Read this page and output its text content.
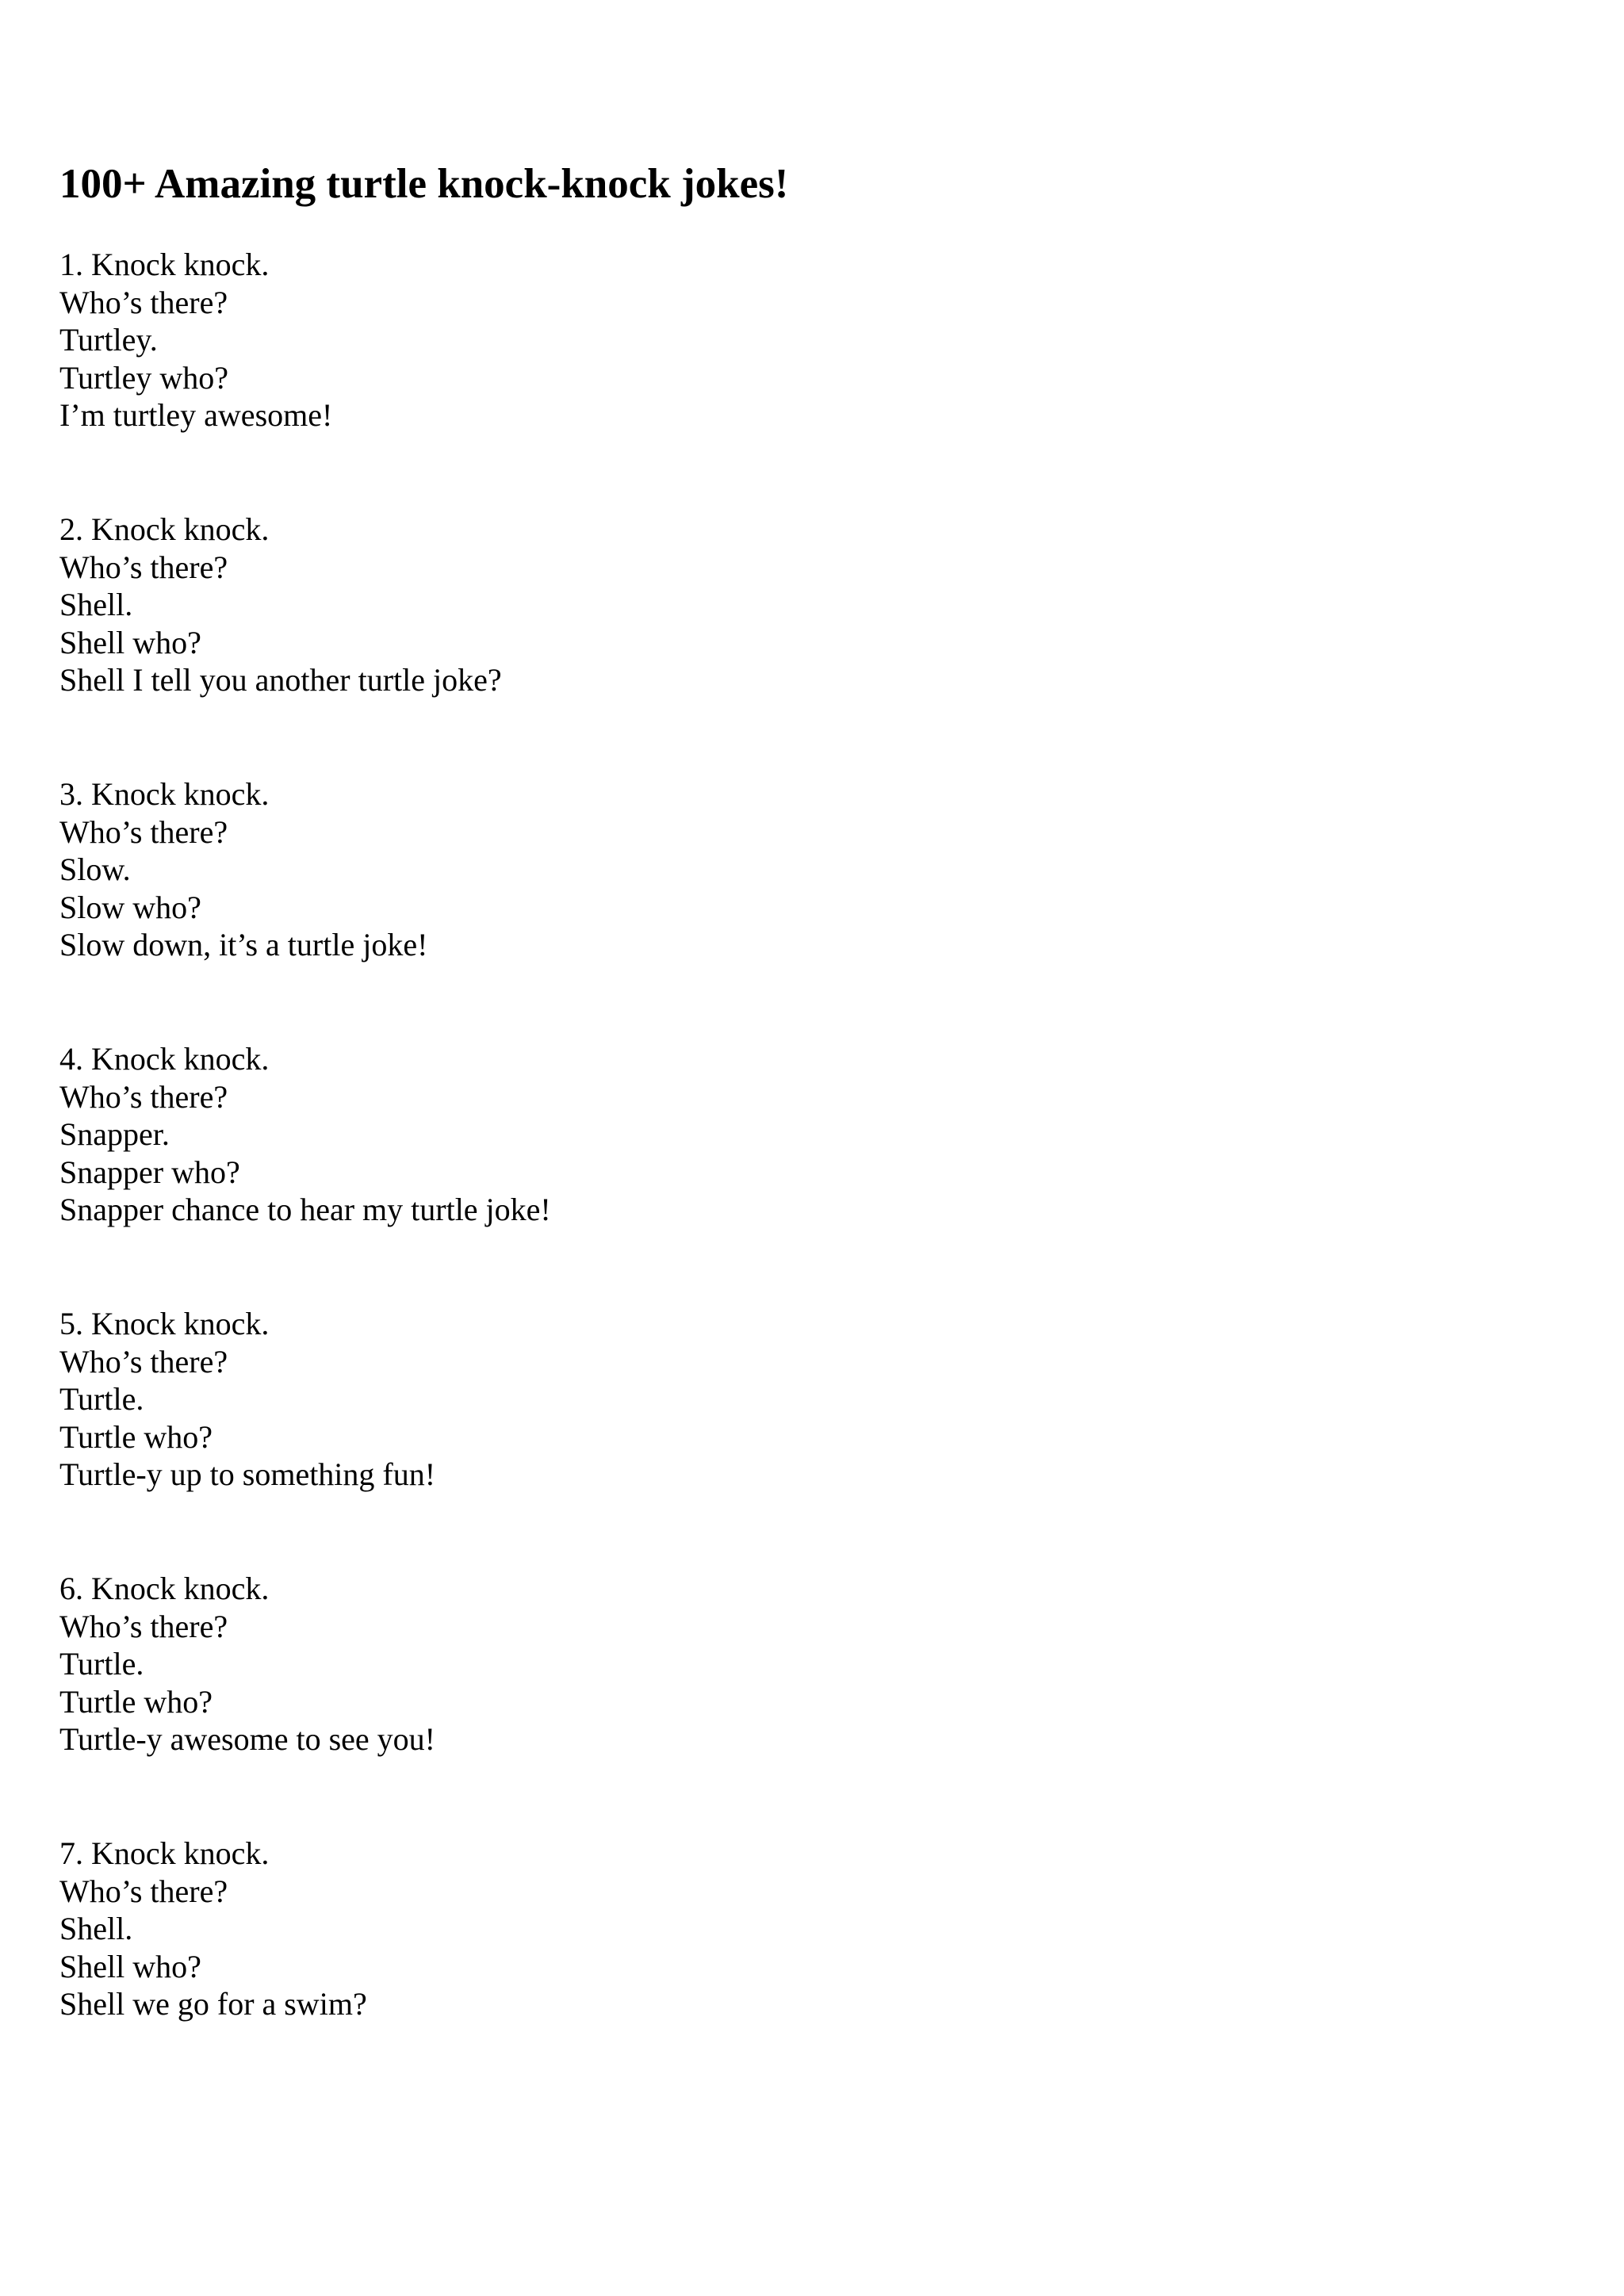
100+ Amazing turtle knock-knock jokes!
1. Knock knock.
Who’s there?
Turtley.
Turtley who?
I’m turtley awesome!
2. Knock knock.
Who’s there?
Shell.
Shell who?
Shell I tell you another turtle joke?
3. Knock knock.
Who’s there?
Slow.
Slow who?
Slow down, it’s a turtle joke!
4. Knock knock.
Who’s there?
Snapper.
Snapper who?
Snapper chance to hear my turtle joke!
5. Knock knock.
Who’s there?
Turtle.
Turtle who?
Turtle-y up to something fun!
6. Knock knock.
Who’s there?
Turtle.
Turtle who?
Turtle-y awesome to see you!
7. Knock knock.
Who’s there?
Shell.
Shell who?
Shell we go for a swim?
